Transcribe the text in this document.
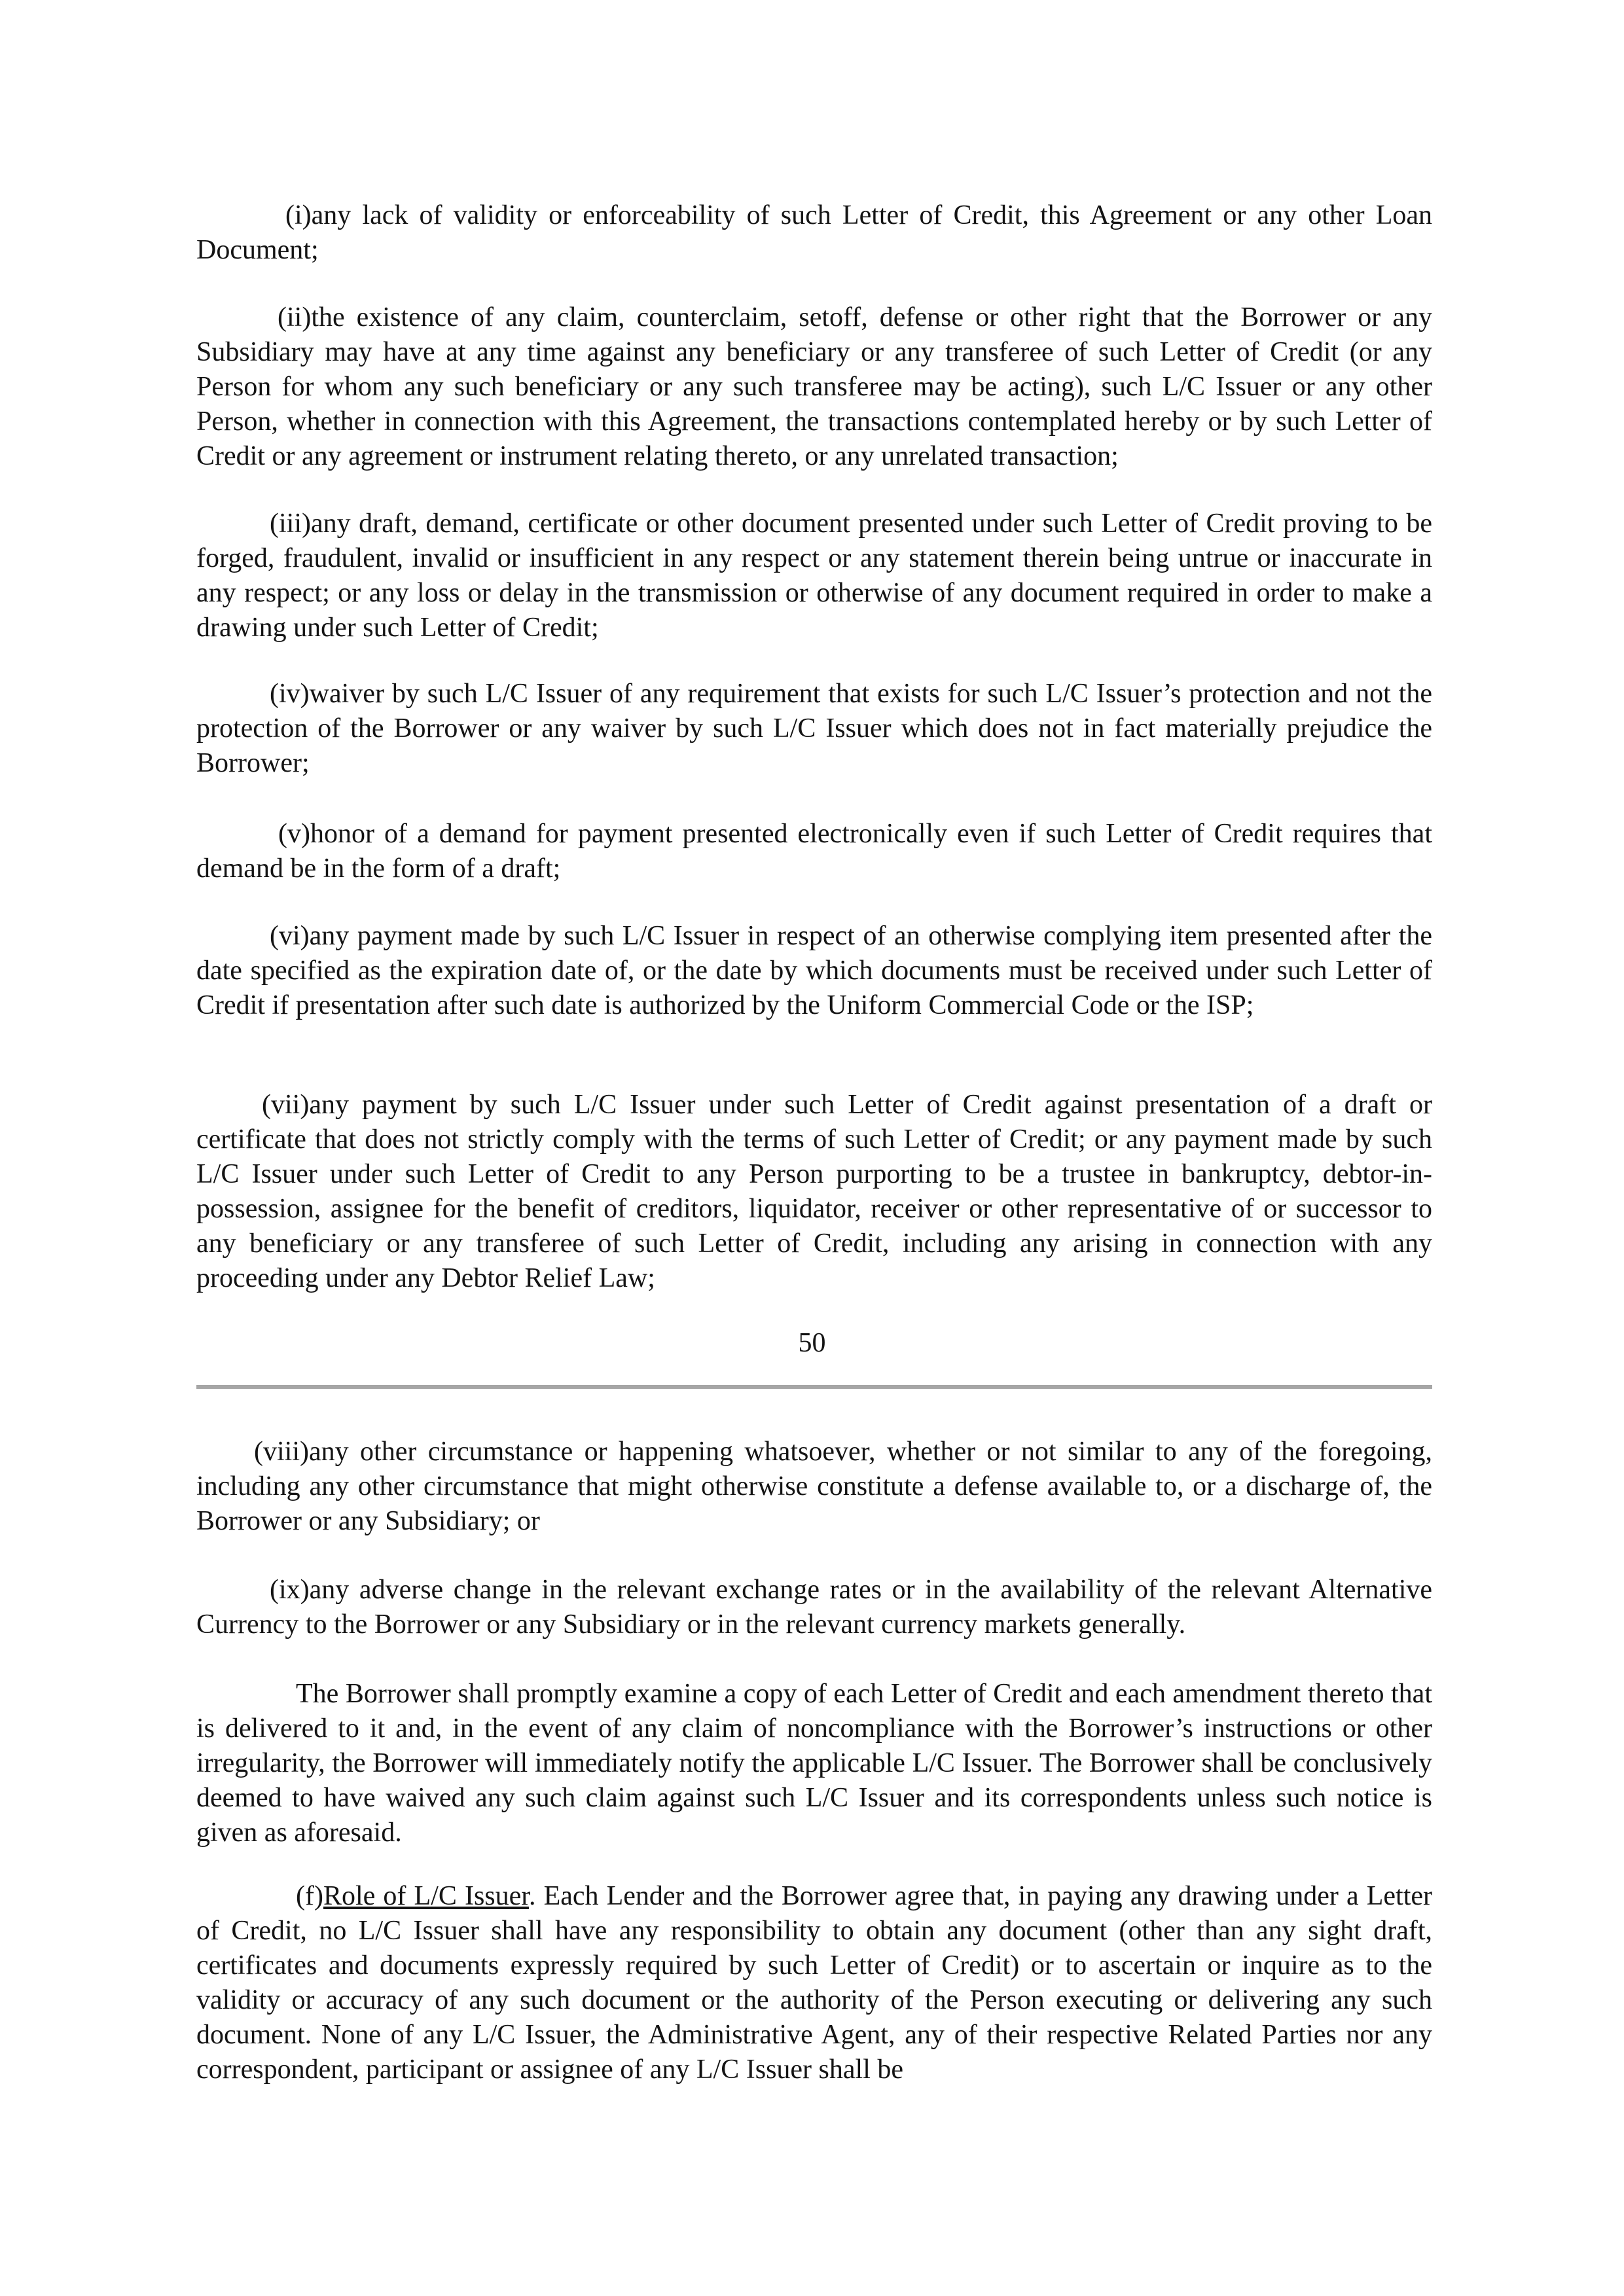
(i)any lack of validity or enforceability of such Letter of Credit, this Agreement or any other Loan Document;

(ii)the existence of any claim, counterclaim, setoff, defense or other right that the Borrower or any Subsidiary may have at any time against any beneficiary or any transferee of such Letter of Credit (or any Person for whom any such beneficiary or any such transferee may be acting), such L/C Issuer or any other Person, whether in connection with this Agreement, the transactions contemplated hereby or by such Letter of Credit or any agreement or instrument relating thereto, or any unrelated transaction;

(iii)any draft, demand, certificate or other document presented under such Letter of Credit proving to be forged, fraudulent, invalid or insufficient in any respect or any statement therein being untrue or inaccurate in any respect; or any loss or delay in the transmission or otherwise of any document required in order to make a drawing under such Letter of Credit;

(iv)waiver by such L/C Issuer of any requirement that exists for such L/C Issuer’s protection and not the protection of the Borrower or any waiver by such L/C Issuer which does not in fact materially prejudice the Borrower;

(v)honor of a demand for payment presented electronically even if such Letter of Credit requires that demand be in the form of a draft;

(vi)any payment made by such L/C Issuer in respect of an otherwise complying item presented after the date specified as the expiration date of, or the date by which documents must be received under such Letter of Credit if presentation after such date is authorized by the Uniform Commercial Code or the ISP;

(vii)any payment by such L/C Issuer under such Letter of Credit against presentation of a draft or certificate that does not strictly comply with the terms of such Letter of Credit; or any payment made by such L/C Issuer under such Letter of Credit to any Person purporting to be a trustee in bankruptcy, debtor-in-possession, assignee for the benefit of creditors, liquidator, receiver or other representative of or successor to any beneficiary or any transferee of such Letter of Credit, including any arising in connection with any proceeding under any Debtor Relief Law;

50

(viii)any other circumstance or happening whatsoever, whether or not similar to any of the foregoing, including any other circumstance that might otherwise constitute a defense available to, or a discharge of, the Borrower or any Subsidiary; or

(ix)any adverse change in the relevant exchange rates or in the availability of the relevant Alternative Currency to the Borrower or any Subsidiary or in the relevant currency markets generally.

The Borrower shall promptly examine a copy of each Letter of Credit and each amendment thereto that is delivered to it and, in the event of any claim of noncompliance with the Borrower’s instructions or other irregularity, the Borrower will immediately notify the applicable L/C Issuer. The Borrower shall be conclusively deemed to have waived any such claim against such L/C Issuer and its correspondents unless such notice is given as aforesaid.

(f)Role of L/C Issuer. Each Lender and the Borrower agree that, in paying any drawing under a Letter of Credit, no L/C Issuer shall have any responsibility to obtain any document (other than any sight draft, certificates and documents expressly required by such Letter of Credit) or to ascertain or inquire as to the validity or accuracy of any such document or the authority of the Person executing or delivering any such document. None of any L/C Issuer, the Administrative Agent, any of their respective Related Parties nor any correspondent, participant or assignee of any L/C Issuer shall be
